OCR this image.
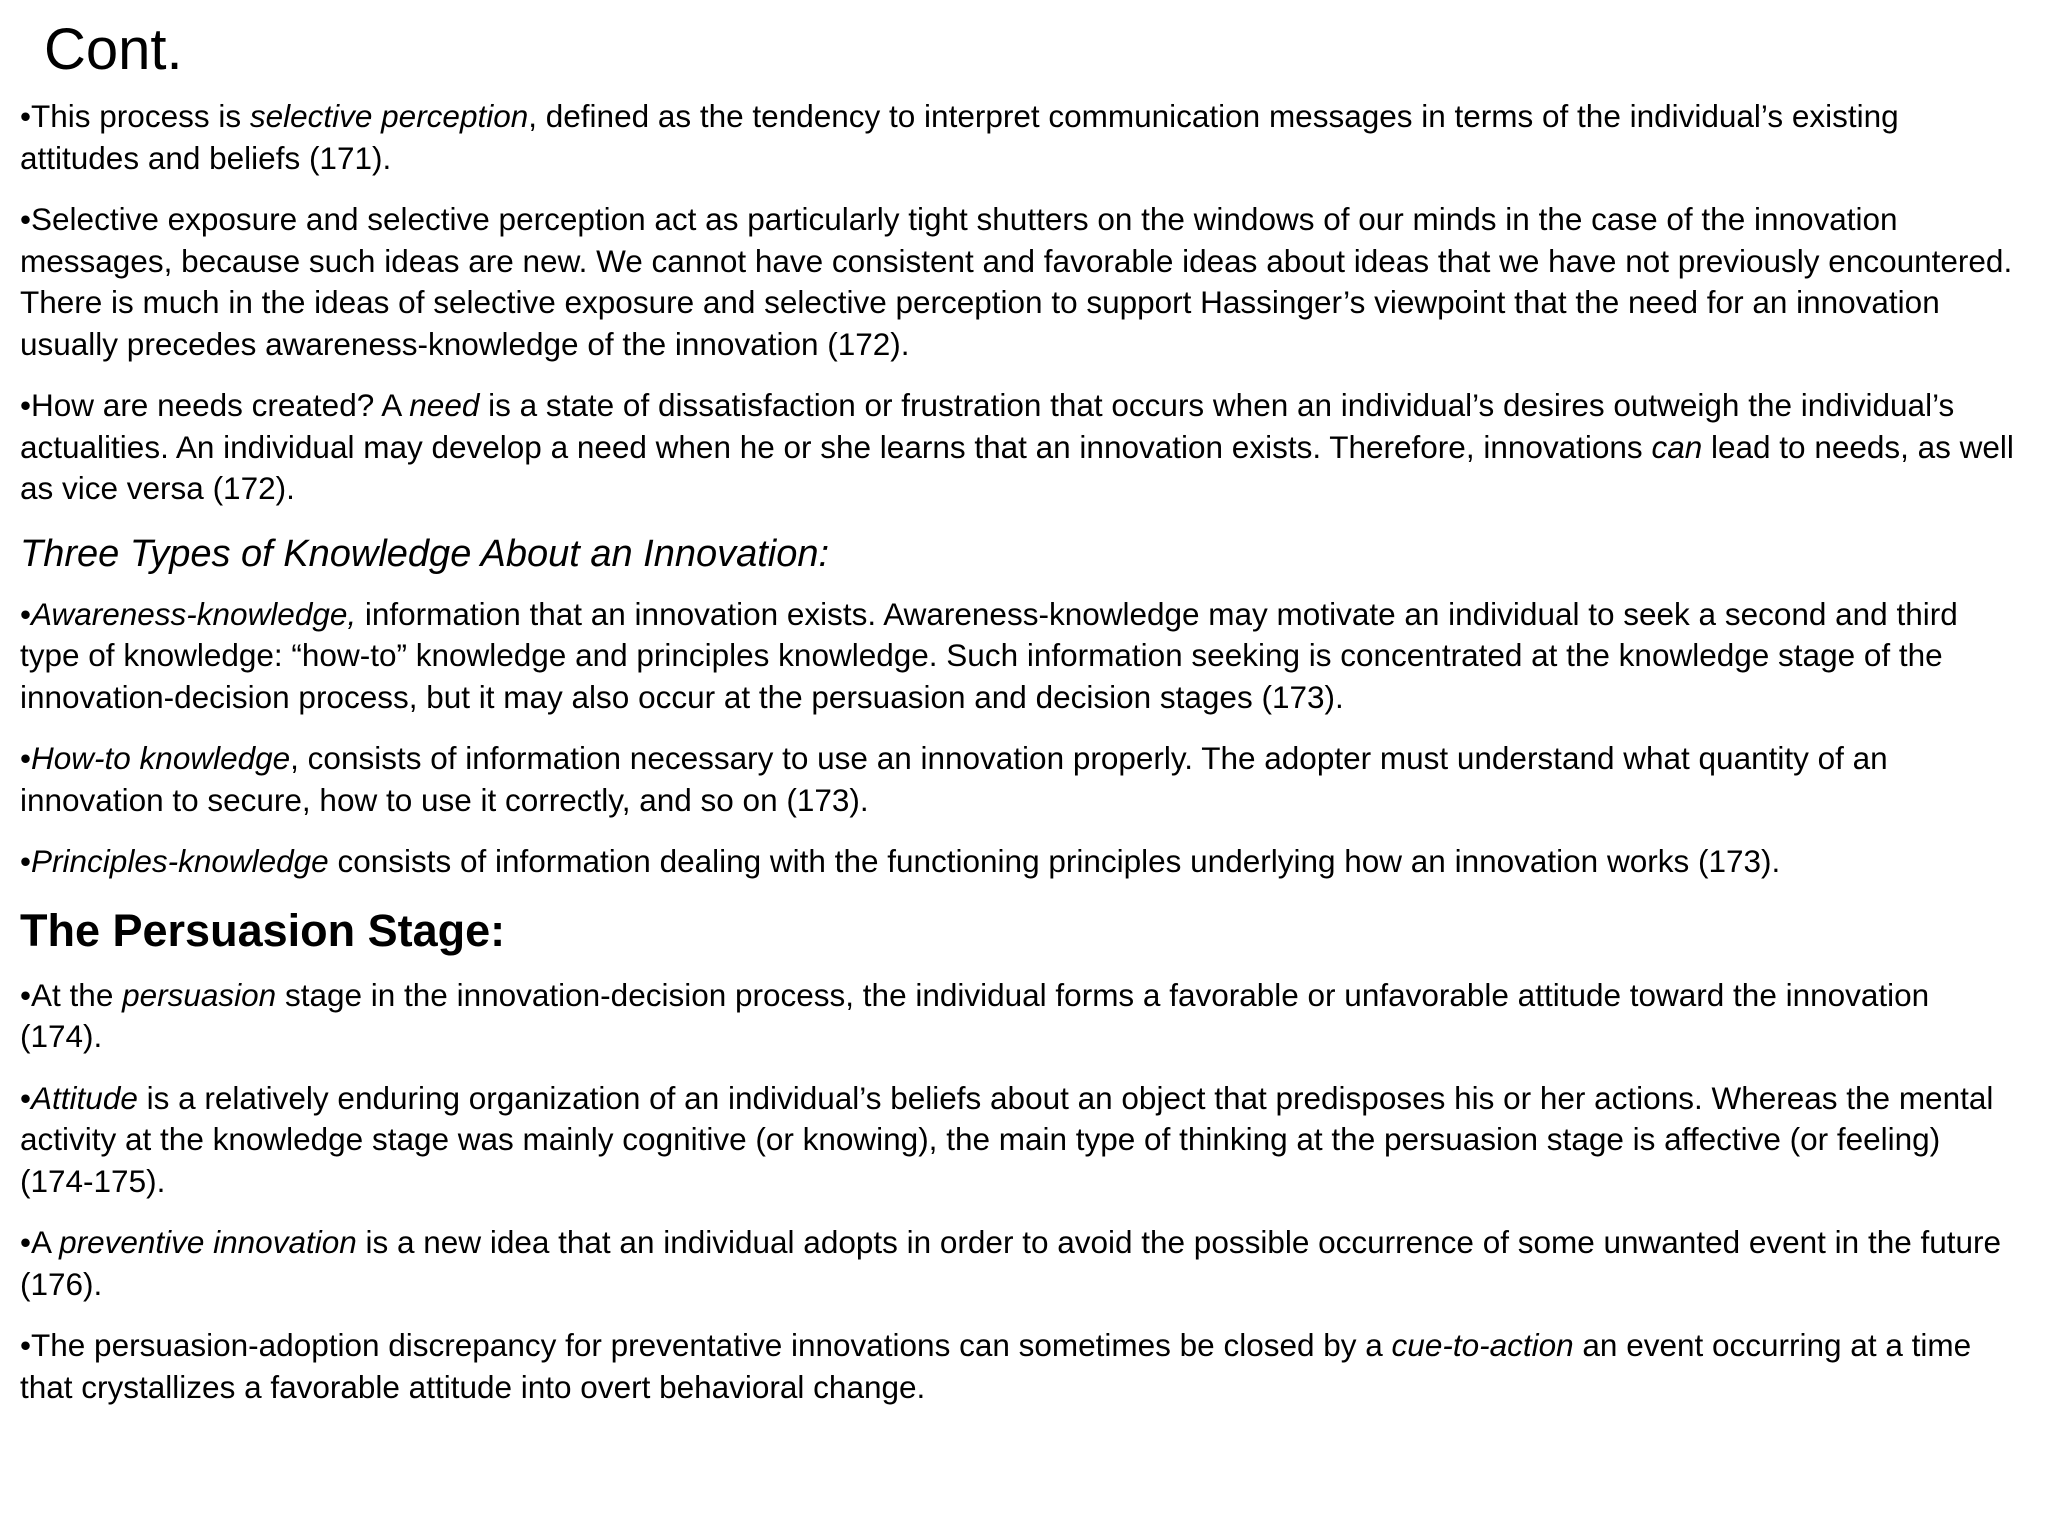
Cont.

•This process is selective perception, defined as the tendency to interpret communication messages in terms of the individual’s existing attitudes and beliefs (171).

•Selective exposure and selective perception act as particularly tight shutters on the windows of our minds in the case of the innovation messages, because such ideas are new. We cannot have consistent and favorable ideas about ideas that we have not previously encountered. There is much in the ideas of selective exposure and selective perception to support Hassinger’s viewpoint that the need for an innovation usually precedes awareness-knowledge of the innovation (172).

•How are needs created? A need is a state of dissatisfaction or frustration that occurs when an individual’s desires outweigh the individual’s actualities. An individual may develop a need when he or she learns that an innovation exists. Therefore, innovations can lead to needs, as well as vice versa (172).

Three Types of Knowledge About an Innovation:

•Awareness-knowledge, information that an innovation exists. Awareness-knowledge may motivate an individual to seek a second and third type of knowledge: “how-to” knowledge and principles knowledge. Such information seeking is concentrated at the knowledge stage of the innovation-decision process, but it may also occur at the persuasion and decision stages (173).

•How-to knowledge, consists of information necessary to use an innovation properly. The adopter must understand what quantity of an innovation to secure, how to use it correctly, and so on (173).

•Principles-knowledge consists of information dealing with the functioning principles underlying how an innovation works (173).

The Persuasion Stage:

•At the persuasion stage in the innovation-decision process, the individual forms a favorable or unfavorable attitude toward the innovation (174).

•Attitude is a relatively enduring organization of an individual’s beliefs about an object that predisposes his or her actions. Whereas the mental activity at the knowledge stage was mainly cognitive (or knowing), the main type of thinking at the persuasion stage is affective (or feeling) (174-175).

•A preventive innovation is a new idea that an individual adopts in order to avoid the possible occurrence of some unwanted event in the future (176).

•The persuasion-adoption discrepancy for preventative innovations can sometimes be closed by a cue-to-action an event occurring at a time that crystallizes a favorable attitude into overt behavioral change.
